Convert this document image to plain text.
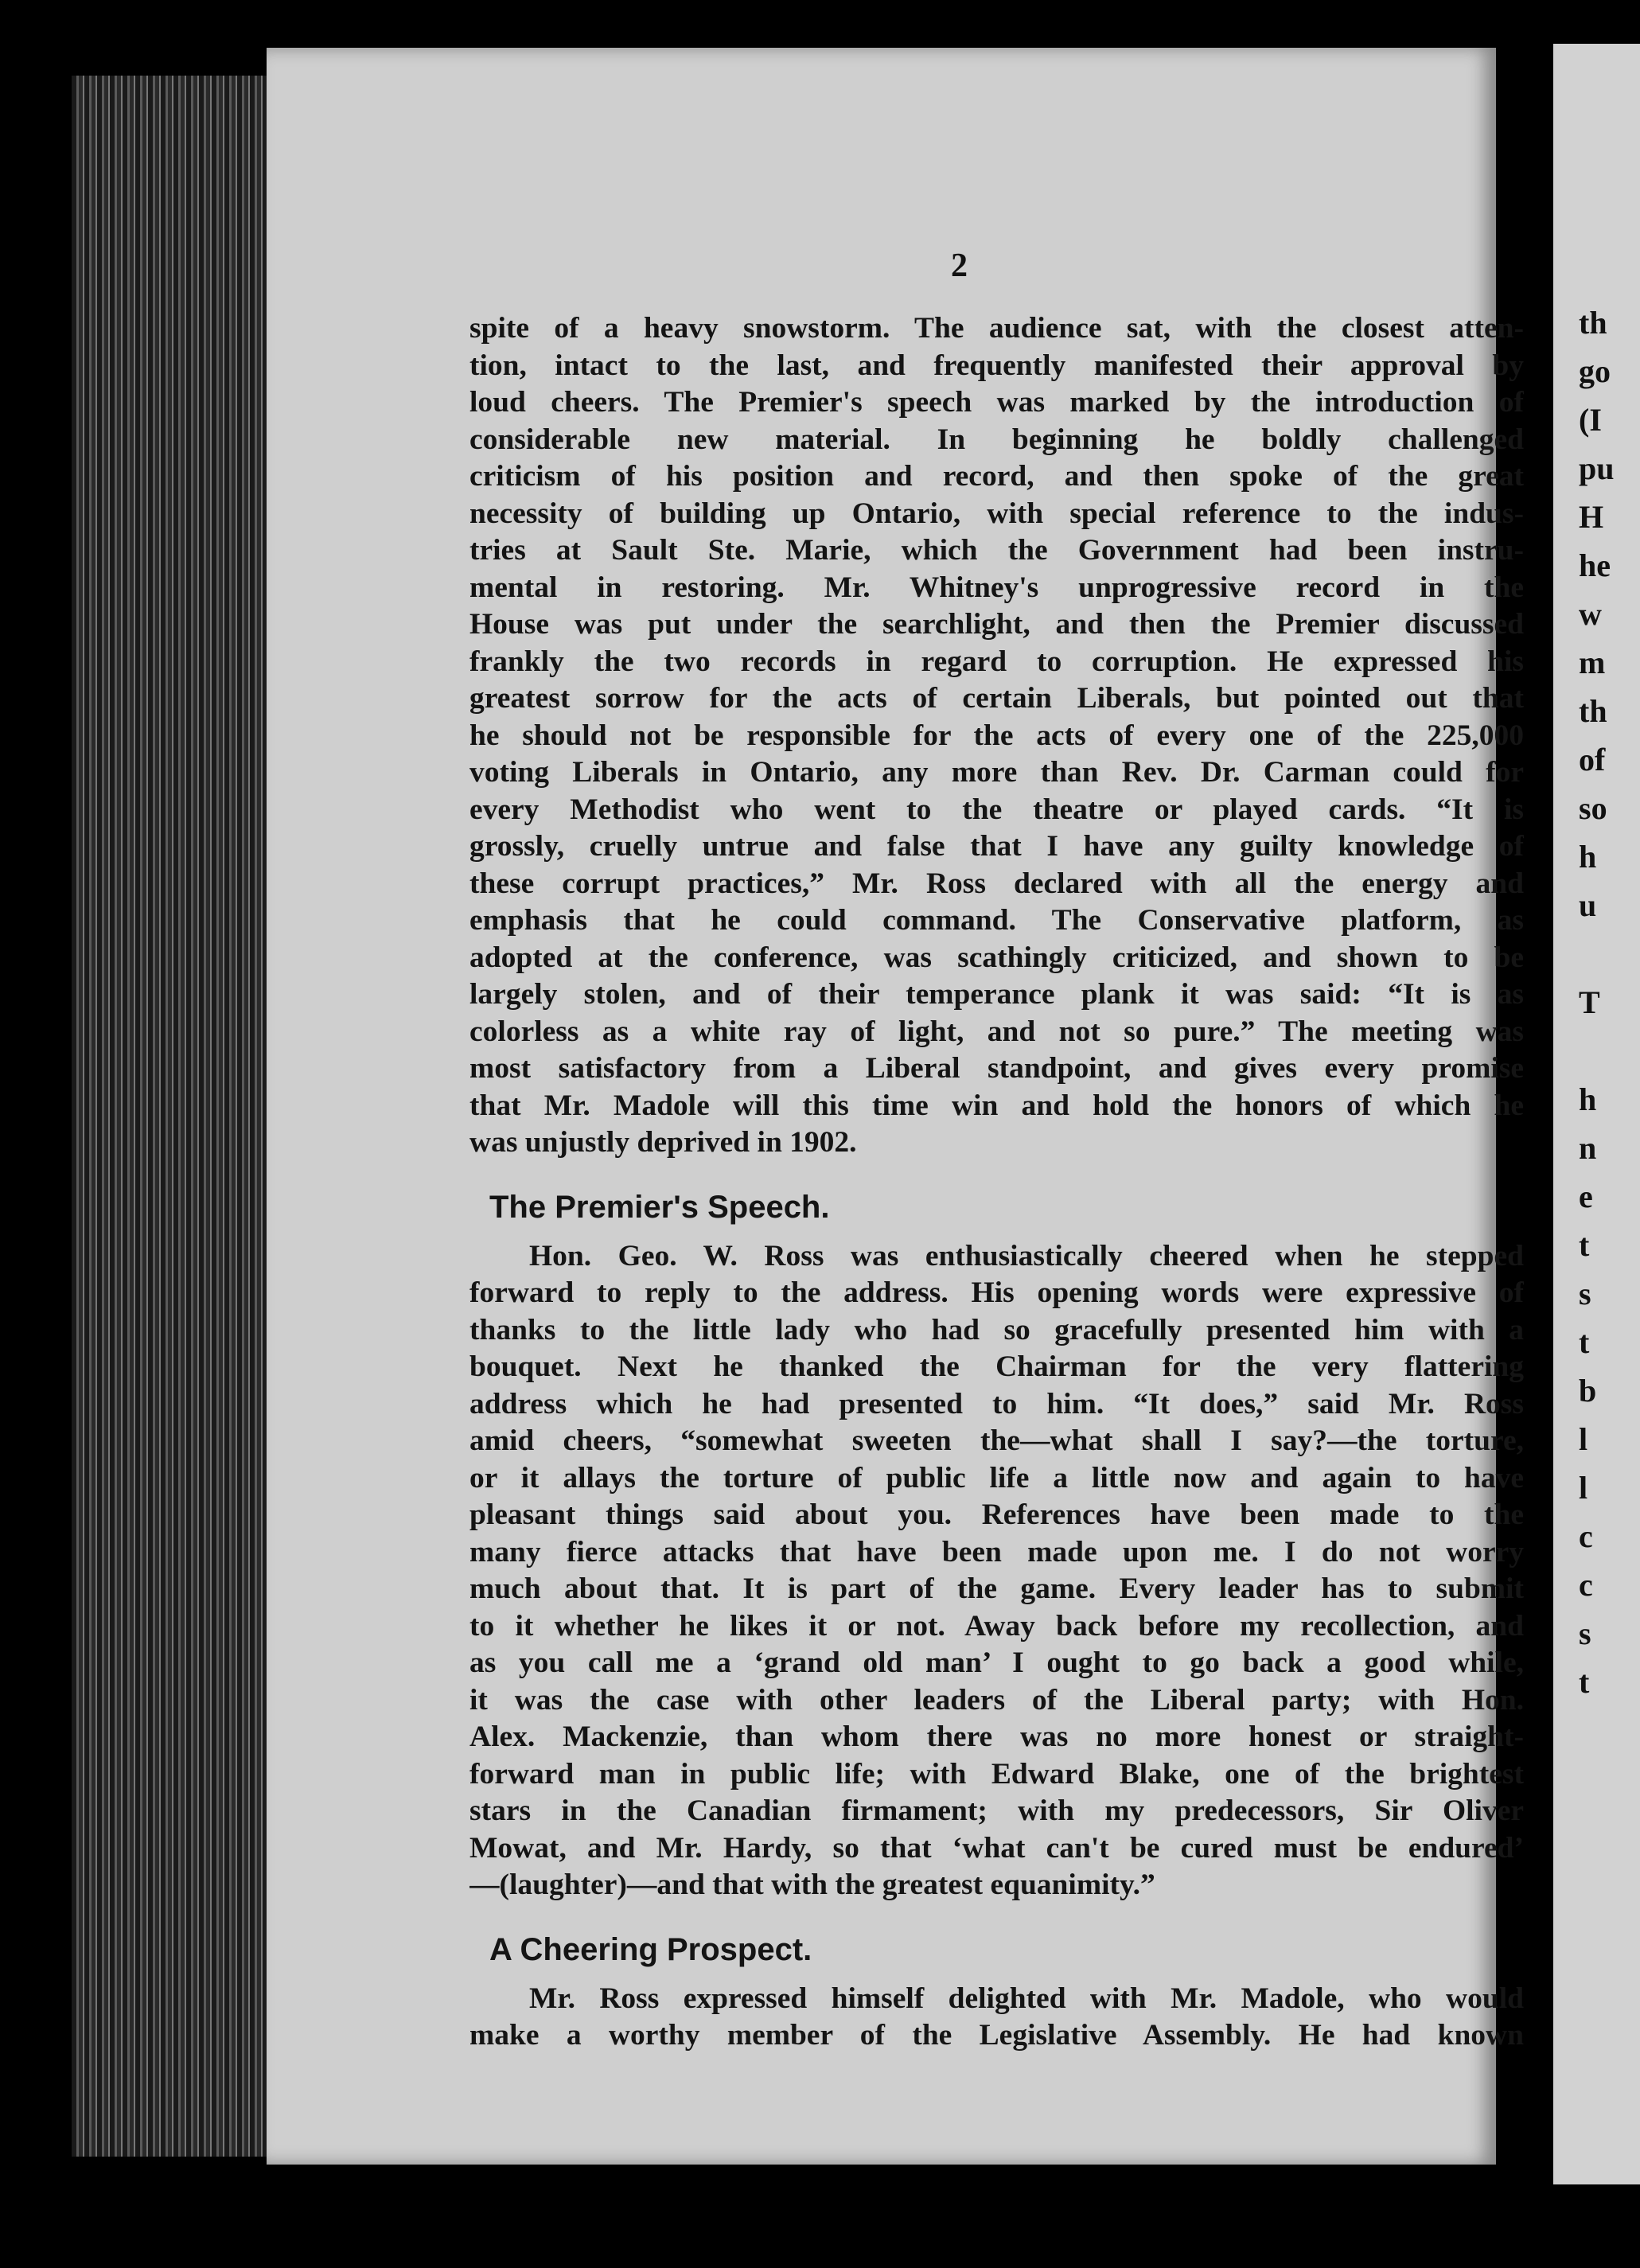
th
go
(I
pu
H
he
w
m
th
of
so
h
u
T
h
n
e
t
s
t
b
l
l
c
c
s
t
2
spite of a heavy snowstorm. The audience sat, with the closest atten-
tion, intact to the last, and frequently manifested their approval by
loud cheers. The Premier's speech was marked by the introduction of
considerable new material. In beginning he boldly challenged
criticism of his position and record, and then spoke of the great
necessity of building up Ontario, with special reference to the indus-
tries at Sault Ste. Marie, which the Government had been instru-
mental in restoring. Mr. Whitney's unprogressive record in the
House was put under the searchlight, and then the Premier discussed
frankly the two records in regard to corruption. He expressed his
greatest sorrow for the acts of certain Liberals, but pointed out that
he should not be responsible for the acts of every one of the 225,000
voting Liberals in Ontario, any more than Rev. Dr. Carman could for
every Methodist who went to the theatre or played cards. “It is
grossly, cruelly untrue and false that I have any guilty knowledge of
these corrupt practices,” Mr. Ross declared with all the energy and
emphasis that he could command. The Conservative platform, as
adopted at the conference, was scathingly criticized, and shown to be
largely stolen, and of their temperance plank it was said: “It is as
colorless as a white ray of light, and not so pure.” The meeting was
most satisfactory from a Liberal standpoint, and gives every promise
that Mr. Madole will this time win and hold the honors of which he
was unjustly deprived in 1902.
The Premier's Speech.
Hon. Geo. W. Ross was enthusiastically cheered when he stepped
forward to reply to the address. His opening words were expressive of
thanks to the little lady who had so gracefully presented him with a
bouquet. Next he thanked the Chairman for the very flattering
address which he had presented to him. “It does,” said Mr. Ross
amid cheers, “somewhat sweeten the—what shall I say?—the torture,
or it allays the torture of public life a little now and again to have
pleasant things said about you. References have been made to the
many fierce attacks that have been made upon me. I do not worry
much about that. It is part of the game. Every leader has to submit
to it whether he likes it or not. Away back before my recollection, and
as you call me a ‘grand old man’ I ought to go back a good while,
it was the case with other leaders of the Liberal party; with Hon.
Alex. Mackenzie, than whom there was no more honest or straight-
forward man in public life; with Edward Blake, one of the brightest
stars in the Canadian firmament; with my predecessors, Sir Oliver
Mowat, and Mr. Hardy, so that ‘what can't be cured must be endured’
—(laughter)—and that with the greatest equanimity.”
A Cheering Prospect.
Mr. Ross expressed himself delighted with Mr. Madole, who would
make a worthy member of the Legislative Assembly. He had known
